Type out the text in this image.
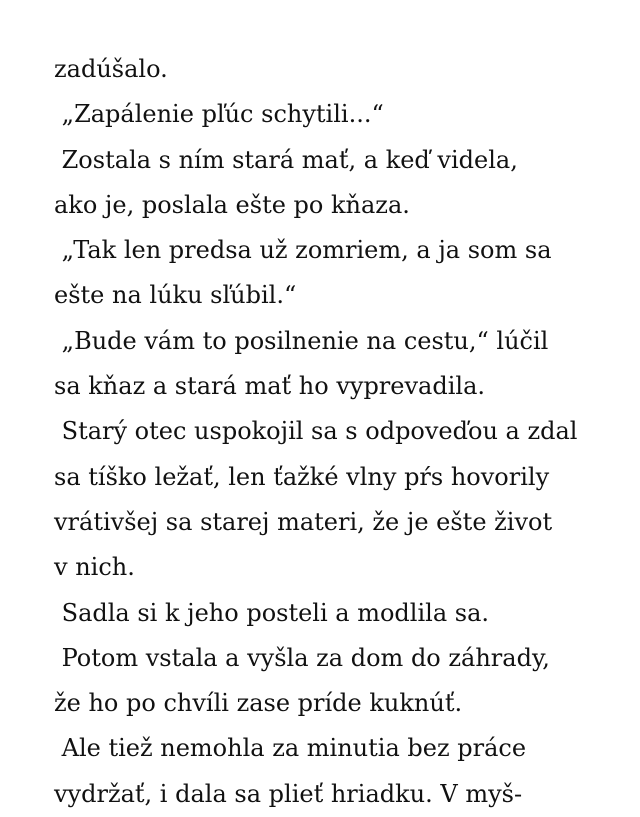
zadúšalo.
„Zapálenie pľúc schytili...“
Zostala s ním stará mať, a keď videla,
ako je, poslala ešte po kňaza.
„Tak len predsa už zomriem, a ja som sa
ešte na lúku sľúbil.“
„Bude vám to posilnenie na cestu,“ lúčil
sa kňaz a stará mať ho vyprevadila.
Starý otec uspokojil sa s odpoveďou a zdal
sa tíško ležať, len ťažké vlny pŕs hovorily
vrátivšej sa starej materi, že je ešte život
v nich.
Sadla si k jeho posteli a modlila sa.
Potom vstala a vyšla za dom do záhrady,
že ho po chvíli zase príde kuknúť.
Ale tiež nemohla za minutia bez práce
vydržať, i dala sa plieť hriadku. V myš-
